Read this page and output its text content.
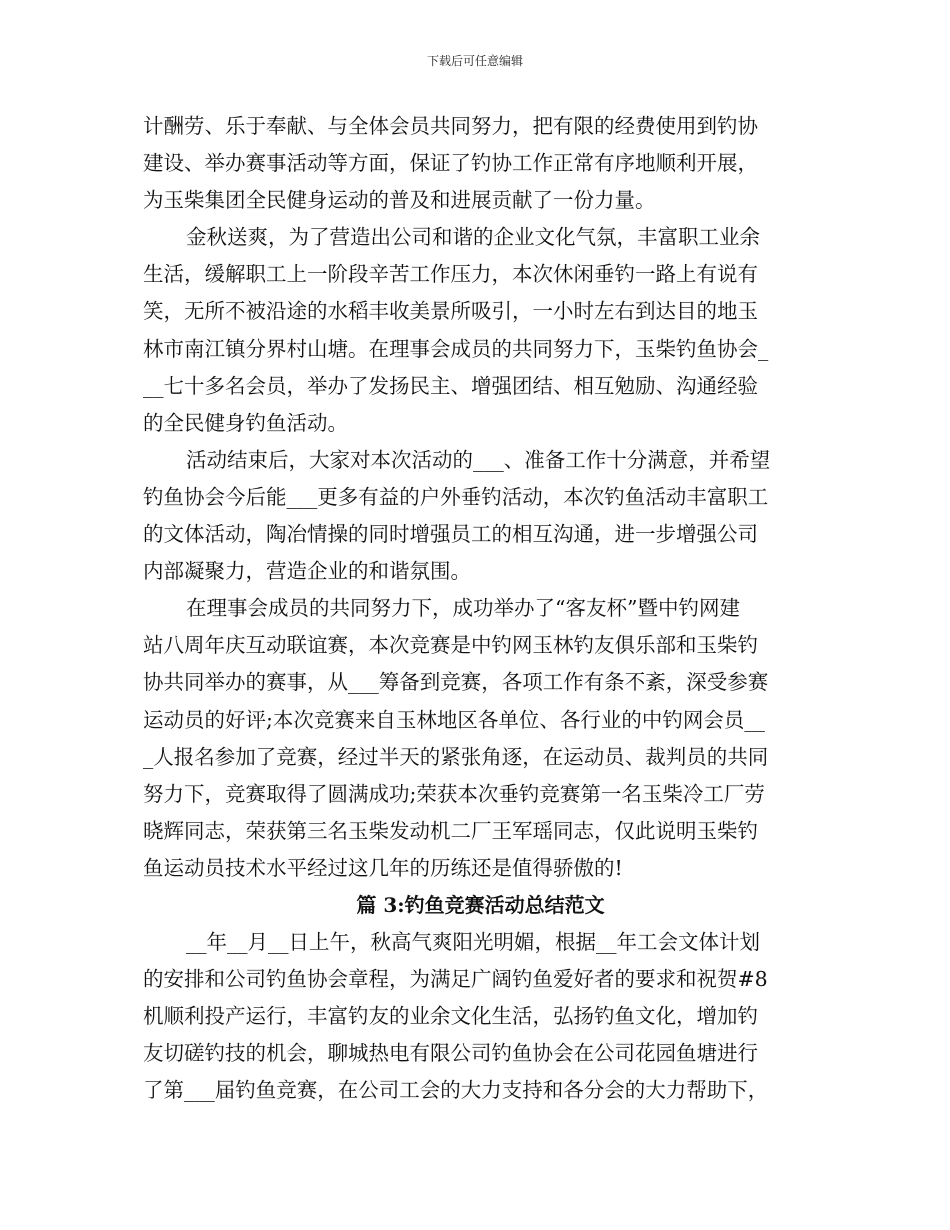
下载后可任意编辑
计酬劳、乐于奉献、与全体会员共同努力，把有限的经费使用到钓协
建设、举办赛事活动等方面，保证了钓协工作正常有序地顺利开展，
为玉柴集团全民健身运动的普及和进展贡献了一份力量。
金秋送爽，为了营造出公司和谐的企业文化气氛，丰富职工业余
生活，缓解职工上一阶段辛苦工作压力，本次休闲垂钓一路上有说有
笑，无所不被沿途的水稻丰收美景所吸引，一小时左右到达目的地玉
林市南江镇分界村山塘。在理事会成员的共同努力下，玉柴钓鱼协会_
__七十多名会员，举办了发扬民主、增强团结、相互勉励、沟通经验
的全民健身钓鱼活动。
活动结束后，大家对本次活动的___、准备工作十分满意，并希望
钓鱼协会今后能___更多有益的户外垂钓活动，本次钓鱼活动丰富职工
的文体活动，陶冶情操的同时增强员工的相互沟通，进一步增强公司
内部凝聚力，营造企业的和谐氛围。
在理事会成员的共同努力下，成功举办了“客友杯”暨中钓网建
站八周年庆互动联谊赛，本次竞赛是中钓网玉林钓友俱乐部和玉柴钓
协共同举办的赛事，从___筹备到竞赛，各项工作有条不紊，深受参赛
运动员的好评;本次竞赛来自玉林地区各单位、各行业的中钓网会员__
_人报名参加了竞赛，经过半天的紧张角逐，在运动员、裁判员的共同
努力下，竞赛取得了圆满成功;荣获本次垂钓竞赛第一名玉柴冷工厂劳
晓辉同志，荣获第三名玉柴发动机二厂王军瑶同志，仅此说明玉柴钓
鱼运动员技术水平经过这几年的历练还是值得骄傲的!
篇 3:钓鱼竞赛活动总结范文
__年__月__日上午，秋高气爽阳光明媚，根据__年工会文体计划
的安排和公司钓鱼协会章程，为满足广阔钓鱼爱好者的要求和祝贺#8
机顺利投产运行，丰富钓友的业余文化生活，弘扬钓鱼文化，增加钓
友切磋钓技的机会，聊城热电有限公司钓鱼协会在公司花园鱼塘进行
了第___届钓鱼竞赛，在公司工会的大力支持和各分会的大力帮助下，
